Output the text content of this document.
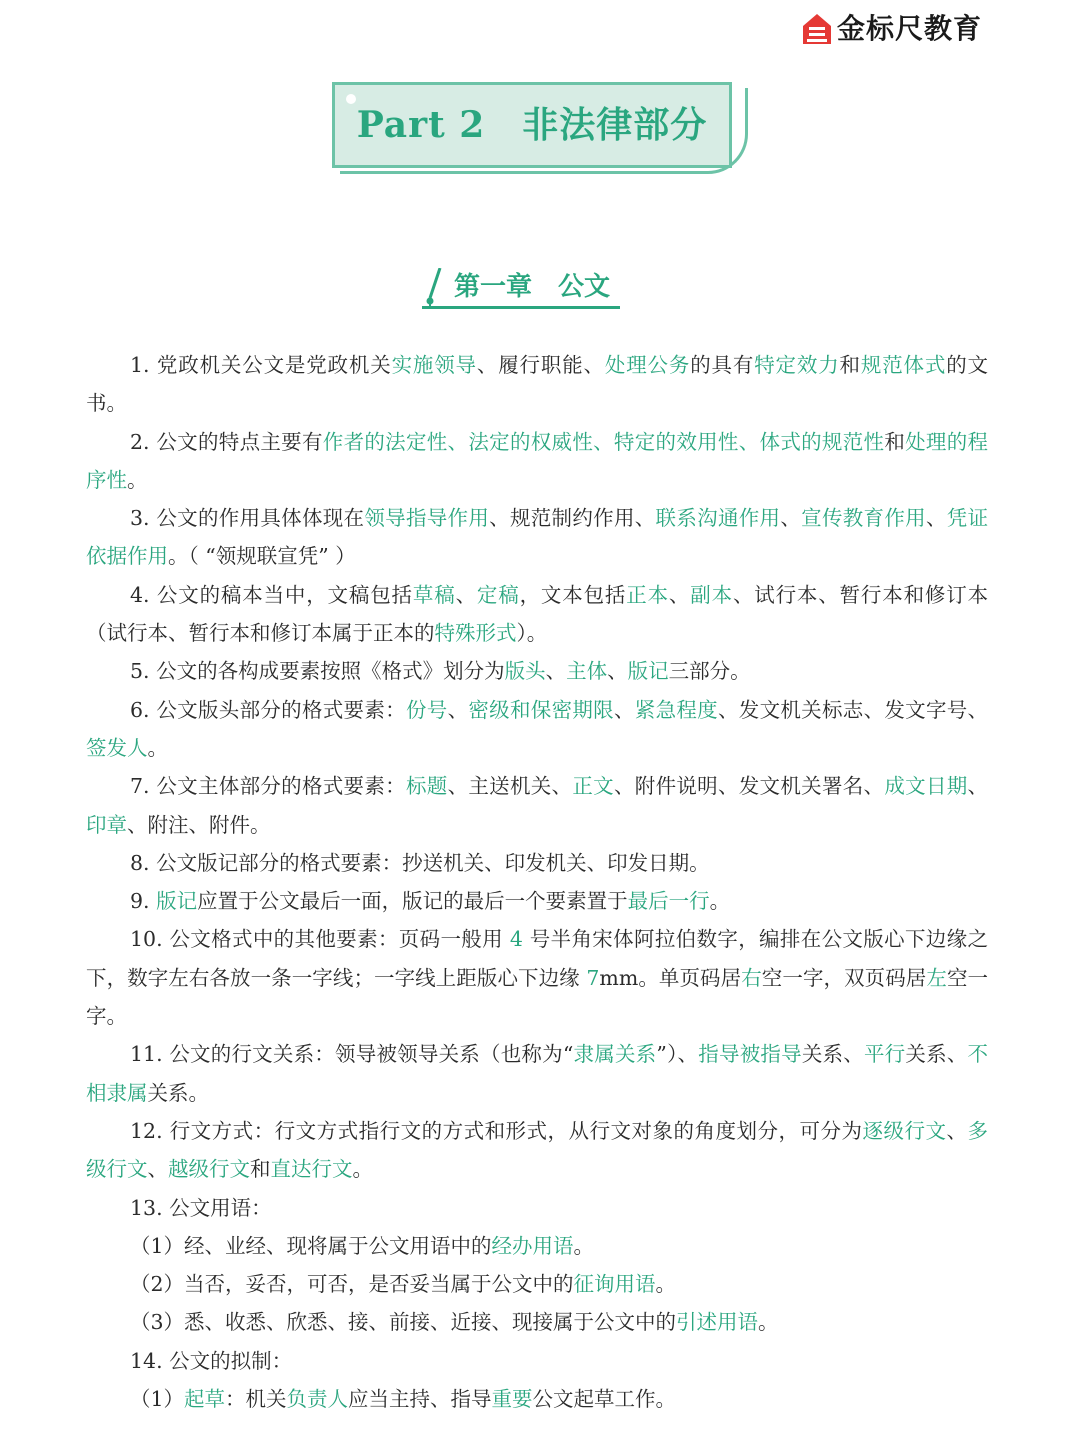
金标尺教育
Part 2　非法律部分
第一章　公文

1. 党政机关公文是党政机关实施领导、履行职能、处理公务的具有特定效力和规范体式的文书。

2. 公文的特点主要有作者的法定性、法定的权威性、特定的效用性、体式的规范性和处理的程序性。

3. 公文的作用具体体现在领导指导作用、规范制约作用、联系沟通作用、宣传教育作用、凭证依据作用。（ “领规联宣凭” ）

4. 公文的稿本当中，文稿包括草稿、定稿，文本包括正本、副本、试行本、暂行本和修订本（试行本、暂行本和修订本属于正本的特殊形式）。

5. 公文的各构成要素按照《格式》划分为版头、主体、版记三部分。

6. 公文版头部分的格式要素：份号、密级和保密期限、紧急程度、发文机关标志、发文字号、签发人。

7. 公文主体部分的格式要素：标题、主送机关、正文、附件说明、发文机关署名、成文日期、印章、附注、附件。

8. 公文版记部分的格式要素：抄送机关、印发机关、印发日期。

9. 版记应置于公文最后一面，版记的最后一个要素置于最后一行。

10. 公文格式中的其他要素：页码一般用 4 号半角宋体阿拉伯数字，编排在公文版心下边缘之下，数字左右各放一条一字线；一字线上距版心下边缘 7mm。单页码居右空一字，双页码居左空一字。

11. 公文的行文关系：领导被领导关系（也称为“隶属关系”）、指导被指导关系、平行关系、不相隶属关系。

12. 行文方式：行文方式指行文的方式和形式，从行文对象的角度划分，可分为逐级行文、多级行文、越级行文和直达行文。

13. 公文用语：

（1）经、业经、现将属于公文用语中的经办用语。

（2）当否，妥否，可否，是否妥当属于公文中的征询用语。

（3）悉、收悉、欣悉、接、前接、近接、现接属于公文中的引述用语。

14. 公文的拟制：

（1）起草：机关负责人应当主持、指导重要公文起草工作。
